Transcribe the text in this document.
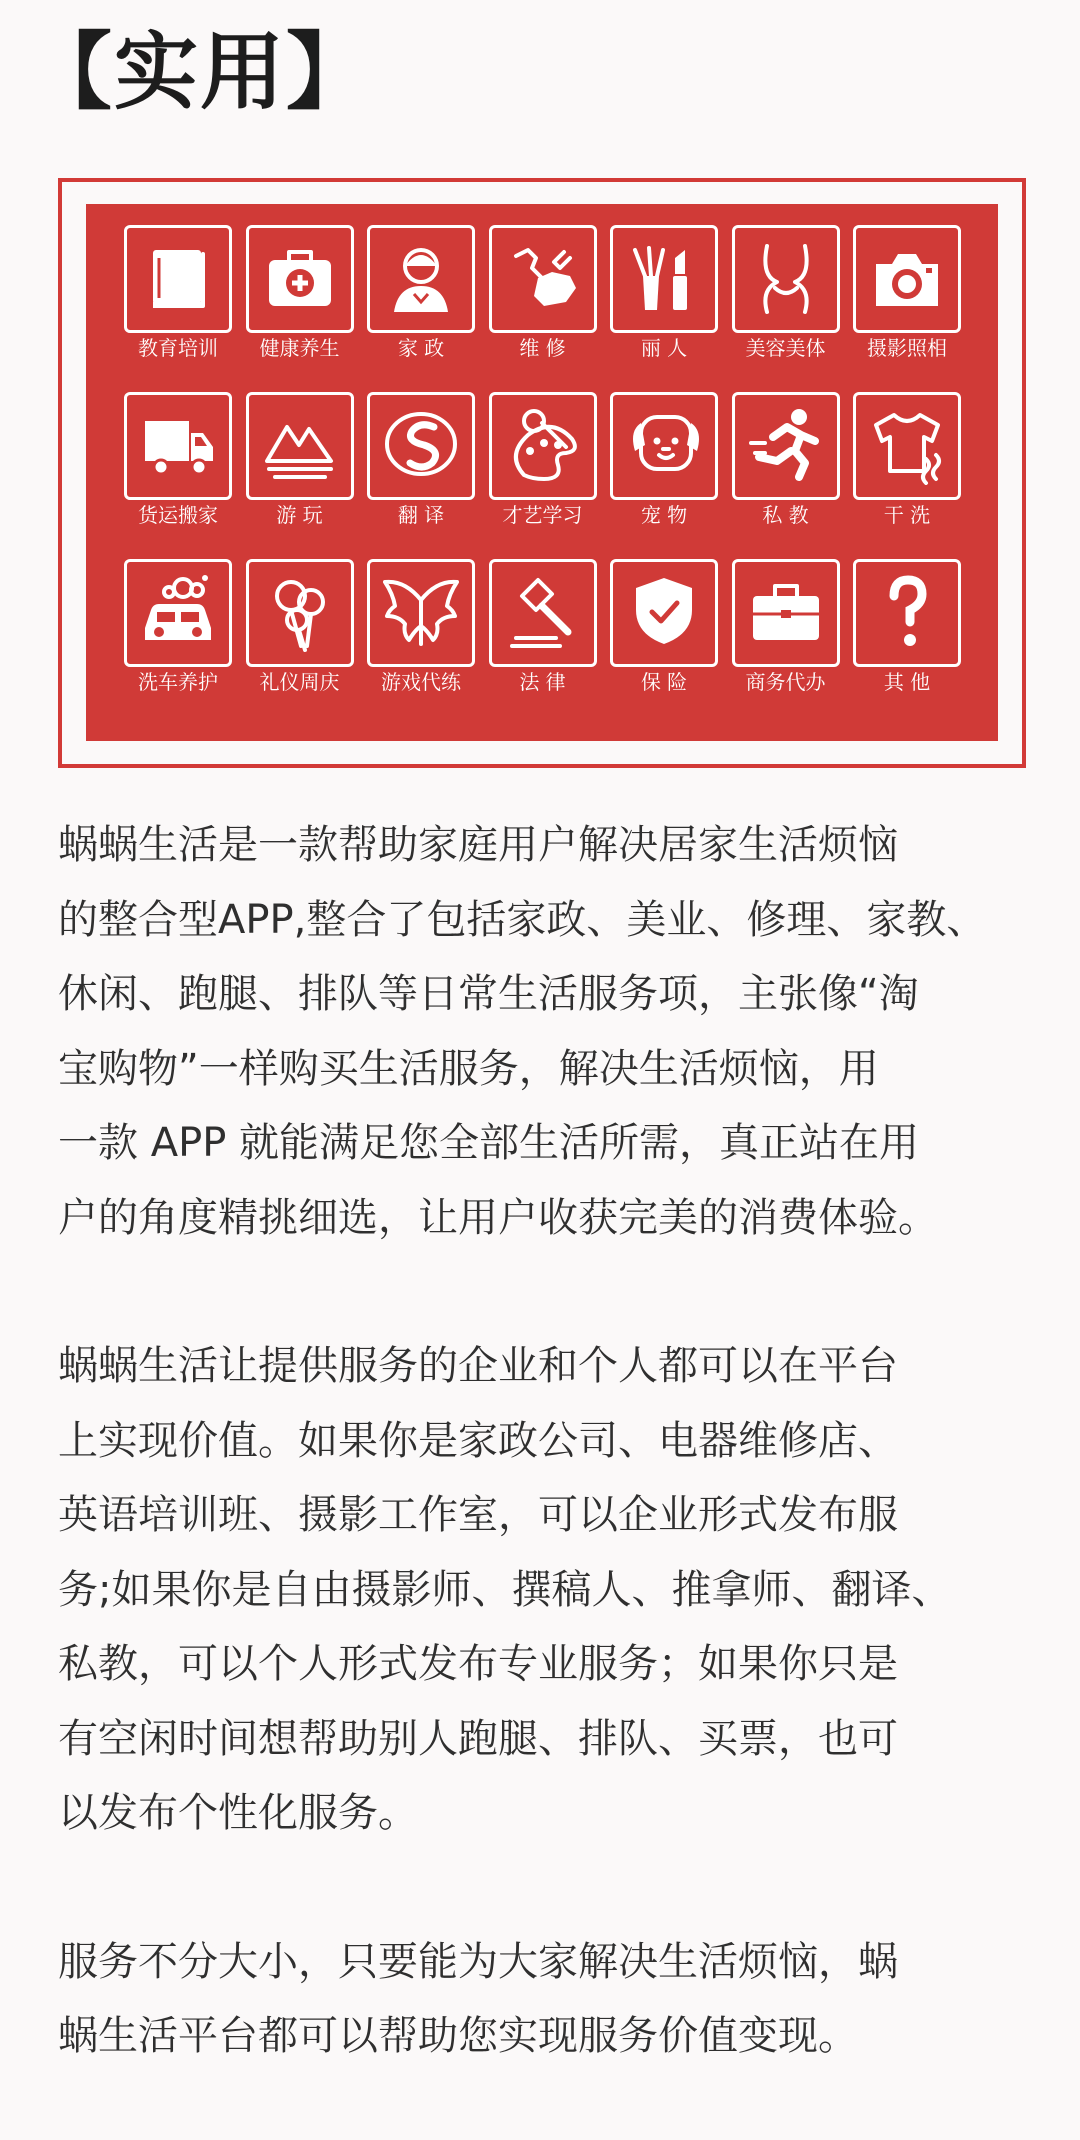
【实用】
教育培训	健康养生	家 政	维 修	丽 人	美容美体	摄影照相
货运搬家	游 玩	翻 译	才艺学习	宠 物	私 教	干 洗
洗车养护	礼仪周庆	游戏代练	法 律	保 险	商务代办	其 他
蜗蜗生活是一款帮助家庭用户解决居家生活烦恼
的整合型APP,整合了包括家政、美业、修理、家教、
休闲、跑腿、排队等日常生活服务项，主张像“淘
宝购物”一样购买生活服务，解决生活烦恼，用
一款 APP 就能满足您全部生活所需，真正站在用
户的角度精挑细选，让用户收获完美的消费体验。
蜗蜗生活让提供服务的企业和个人都可以在平台
上实现价值。如果你是家政公司、电器维修店、
英语培训班、摄影工作室，可以企业形式发布服
务;如果你是自由摄影师、撰稿人、推拿师、翻译、
私教，可以个人形式发布专业服务；如果你只是
有空闲时间想帮助别人跑腿、排队、买票，也可
以发布个性化服务。
服务不分大小，只要能为大家解决生活烦恼，蜗
蜗生活平台都可以帮助您实现服务价值变现。
